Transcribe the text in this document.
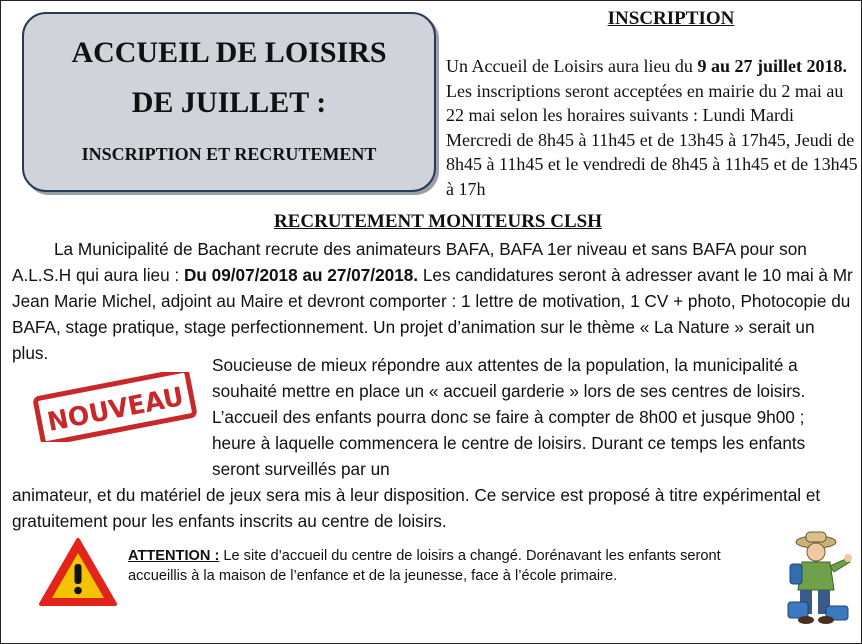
ACCUEIL DE LOISIRS
DE JUILLET :
INSCRIPTION ET RECRUTEMENT
INSCRIPTION
Un Accueil de Loisirs aura lieu du 9 au 27 juillet 2018. Les inscriptions seront acceptées en mairie du 2 mai au 22 mai selon les horaires suivants : Lundi Mardi Mercredi de 8h45 à 11h45 et de 13h45 à 17h45, Jeudi de 8h45 à 11h45 et le vendredi de 8h45 à 11h45 et de 13h45 à 17h
RECRUTEMENT MONITEURS CLSH
La Municipalité de Bachant recrute des animateurs BAFA, BAFA 1er niveau et sans BAFA pour son A.L.S.H qui aura lieu : Du 09/07/2018 au 27/07/2018. Les candidatures seront à adresser avant le 10 mai à Mr Jean Marie Michel, adjoint au Maire et devront comporter : 1 lettre de motivation, 1 CV + photo, Photocopie du BAFA, stage pratique, stage perfectionnement. Un projet d’animation sur le thème « La Nature » serait un plus.
NOUVEAU
Soucieuse de mieux répondre aux attentes de la population, la municipalité a souhaité mettre en place un « accueil garderie » lors de ses centres de loisirs. L’accueil des enfants pourra donc se faire à compter de 8h00 et jusque 9h00 ; heure à laquelle commencera le centre de loisirs. Durant ce temps les enfants seront surveillés par un
animateur, et du matériel de jeux sera mis à leur disposition. Ce service est proposé à titre expérimental et gratuitement pour les enfants inscrits au centre de loisirs.
ATTENTION : Le site d’accueil du centre de loisirs a changé. Dorénavant les enfants seront accueillis à la maison de l’enfance et de la jeunesse, face à l’école primaire.
